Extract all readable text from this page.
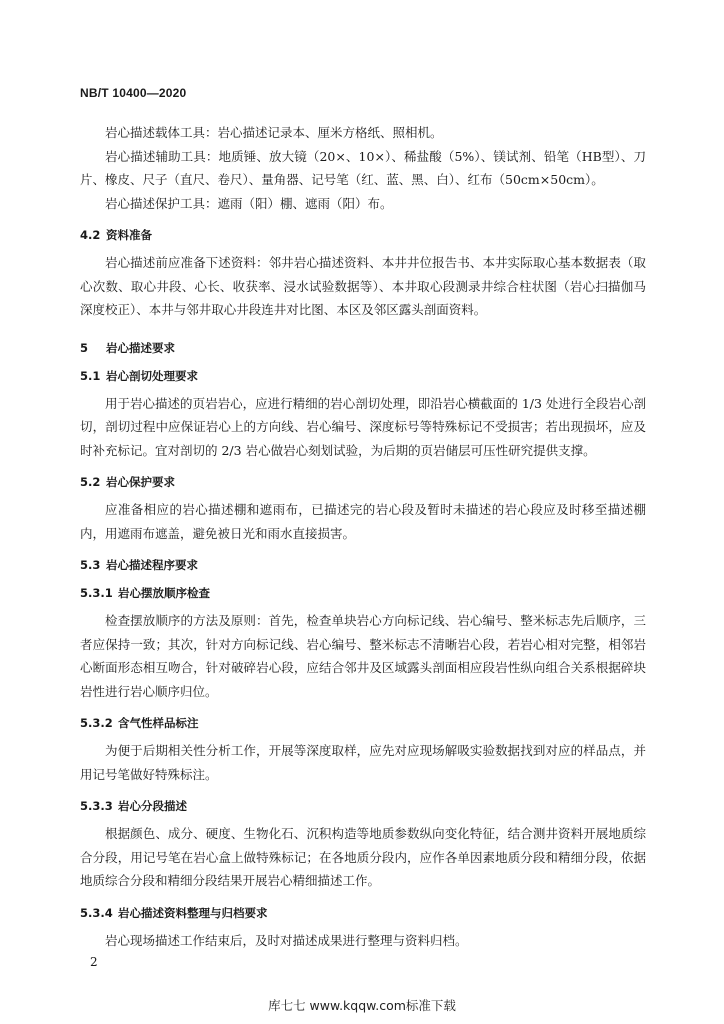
NB/T 10400—2020

岩心描述载体工具：岩心描述记录本、厘米方格纸、照相机。

岩心描述辅助工具：地质锤、放大镜（20×、10×）、稀盐酸（5%）、镁试剂、铅笔（HB型）、刀片、橡皮、尺子（直尺、卷尺）、量角器、记号笔（红、蓝、黑、白）、红布（50cm×50cm）。

岩心描述保护工具：遮雨（阳）棚、遮雨（阳）布。

4.2 资料准备

岩心描述前应准备下述资料：邻井岩心描述资料、本井井位报告书、本井实际取心基本数据表（取心次数、取心井段、心长、收获率、浸水试验数据等）、本井取心段测录井综合柱状图（岩心扫描伽马深度校正）、本井与邻井取心井段连井对比图、本区及邻区露头剖面资料。

5 岩心描述要求
5.1 岩心剖切处理要求

用于岩心描述的页岩岩心，应进行精细的岩心剖切处理，即沿岩心横截面的 1/3 处进行全段岩心剖切，剖切过程中应保证岩心上的方向线、岩心编号、深度标号等特殊标记不受损害；若出现损坏，应及时补充标记。宜对剖切的 2/3 岩心做岩心刻划试验，为后期的页岩储层可压性研究提供支撑。

5.2 岩心保护要求

应准备相应的岩心描述棚和遮雨布，已描述完的岩心段及暂时未描述的岩心段应及时移至描述棚内，用遮雨布遮盖，避免被日光和雨水直接损害。

5.3 岩心描述程序要求
5.3.1 岩心摆放顺序检查

检查摆放顺序的方法及原则：首先，检查单块岩心方向标记线、岩心编号、整米标志先后顺序，三者应保持一致；其次，针对方向标记线、岩心编号、整米标志不清晰岩心段，若岩心相对完整，相邻岩心断面形态相互吻合，针对破碎岩心段，应结合邻井及区域露头剖面相应段岩性纵向组合关系根据碎块岩性进行岩心顺序归位。

5.3.2 含气性样品标注

为便于后期相关性分析工作，开展等深度取样，应先对应现场解吸实验数据找到对应的样品点，并用记号笔做好特殊标注。

5.3.3 岩心分段描述

根据颜色、成分、硬度、生物化石、沉积构造等地质参数纵向变化特征，结合测井资料开展地质综合分段，用记号笔在岩心盒上做特殊标记；在各地质分段内，应作各单因素地质分段和精细分段，依据地质综合分段和精细分段结果开展岩心精细描述工作。

5.3.4 岩心描述资料整理与归档要求

岩心现场描述工作结束后，及时对描述成果进行整理与资料归档。

2
库七七 www.kqqw.com标准下载
